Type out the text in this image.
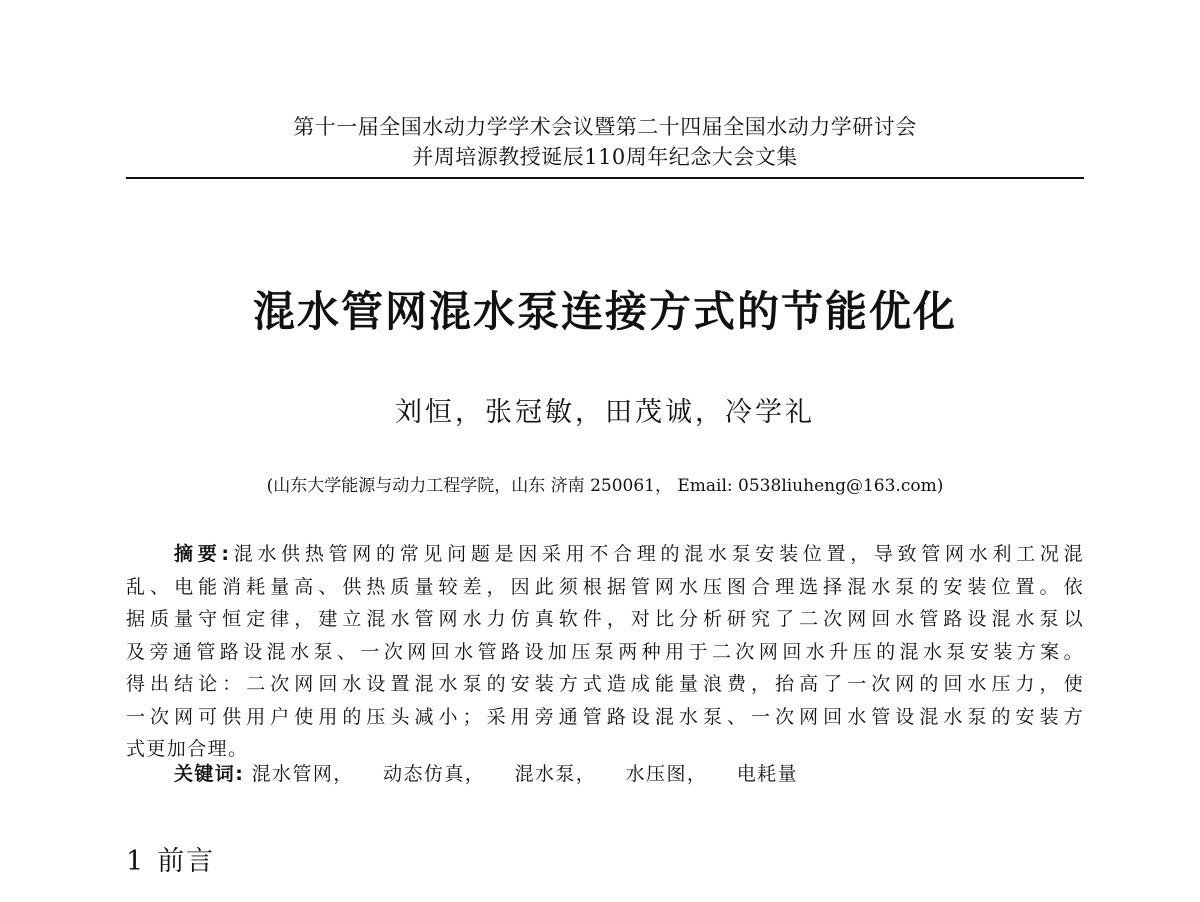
第十一届全国水动力学学术会议暨第二十四届全国水动力学研讨会
并周培源教授诞辰110周年纪念大会文集
混水管网混水泵连接方式的节能优化
刘恒，张冠敏，田茂诚，冷学礼
(山东大学能源与动力工程学院，山东 济南 250061， Email: 0538liuheng@163.com)
摘要:混水供热管网的常见问题是因采用不合理的混水泵安装位置，导致管网水利工况混
乱、电能消耗量高、供热质量较差，因此须根据管网水压图合理选择混水泵的安装位置。依
据质量守恒定律，建立混水管网水力仿真软件，对比分析研究了二次网回水管路设混水泵以
及旁通管路设混水泵、一次网回水管路设加压泵两种用于二次网回水升压的混水泵安装方案。
得出结论：二次网回水设置混水泵的安装方式造成能量浪费，抬高了一次网的回水压力，使
一次网可供用户使用的压头减小；采用旁通管路设混水泵、一次网回水管设混水泵的安装方
式更加合理。
关键词: 混水管网， 动态仿真， 混水泵， 水压图， 电耗量
1 前言
